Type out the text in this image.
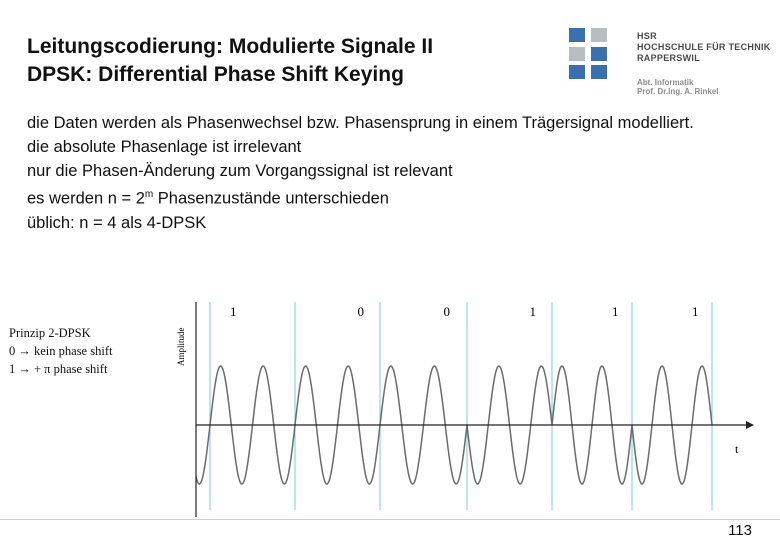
Leitungscodierung: Modulierte Signale II
DPSK: Differential Phase Shift Keying
HSR
HOCHSCHULE FÜR TECHNIK
RAPPERSWIL
Abt. Informatik
Prof. Dr.Ing. A. Rinkel
die Daten werden als Phasenwechsel bzw. Phasensprung in einem Trägersignal modelliert.
die absolute Phasenlage ist irrelevant
nur die Phasen-Änderung zum Vorgangssignal ist relevant
es werden $n = 2^m$ Phasenzustände unterschieden
üblich: n = 4 als 4-DPSK
Prinzip 2-DPSK
0 → kein phase shift
1 → + π phase shift
Amplitude
t
1	0	0	1	1	1
113
